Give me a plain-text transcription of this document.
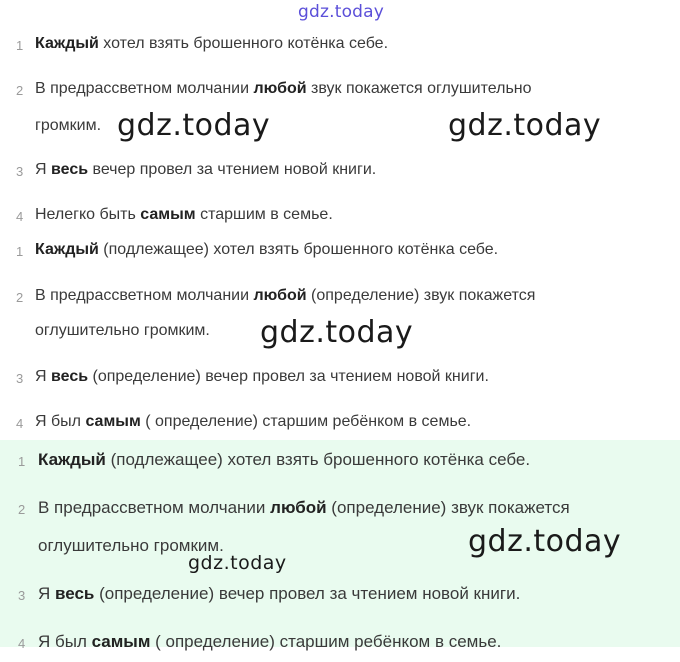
gdz.today
1 Каждый хотел взять брошенного котёнка себе.
2 В предрассветном молчании любой звук покажется оглушительно
громким.
3 Я весь вечер провел за чтением новой книги.
4 Нелегко быть самым старшим в семье.
1 Каждый (подлежащее) хотел взять брошенного котёнка себе.
2 В предрассветном молчании любой (определение) звук покажется
оглушительно громким.
3 Я весь (определение) вечер провел за чтением новой книги.
4 Я был самым ( определение) старшим ребёнком в семье.
1 Каждый (подлежащее) хотел взять брошенного котёнка себе.
2 В предрассветном молчании любой (определение) звук покажется
оглушительно громким.
3 Я весь (определение) вечер провел за чтением новой книги.
4 Я был самым ( определение) старшим ребёнком в семье.
gdz.today	gdz.today
gdz.today
gdz.today
gdz.today
